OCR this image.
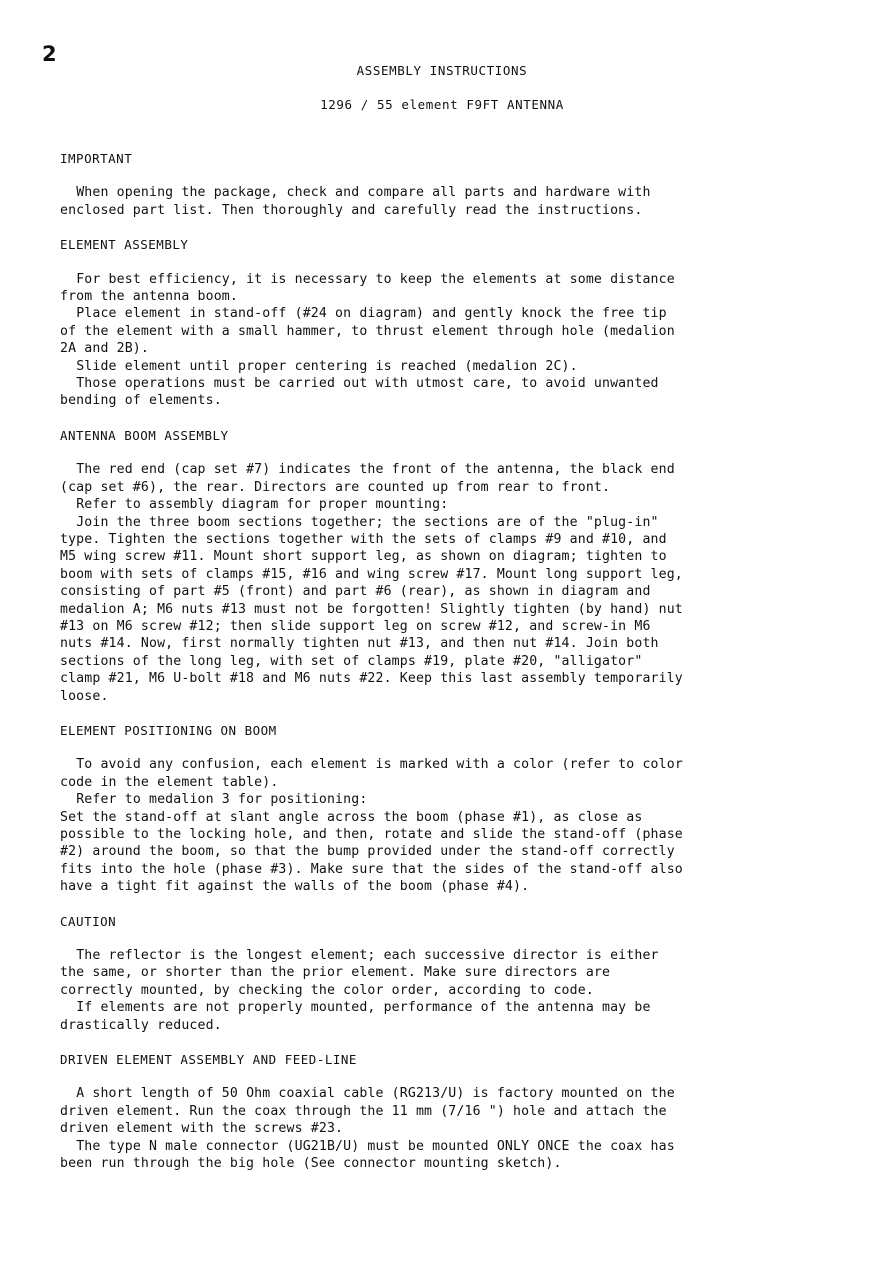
2
ASSEMBLY INSTRUCTIONS
1296 / 55 element F9FT ANTENNA
IMPORTANT

When opening the package, check and compare all parts and hardware with
enclosed part list. Then thoroughly and carefully read the instructions.

ELEMENT ASSEMBLY

For best efficiency, it is necessary to keep the elements at some distance
from the antenna boom.
Place element in stand-off (#24 on diagram) and gently knock the free tip
of the element with a small hammer, to thrust element through hole (medalion
2A and 2B).
Slide element until proper centering is reached (medalion 2C).
Those operations must be carried out with utmost care, to avoid unwanted
bending of elements.

ANTENNA BOOM ASSEMBLY

The red end (cap set #7) indicates the front of the antenna, the black end
(cap set #6), the rear. Directors are counted up from rear to front.
Refer to assembly diagram for proper mounting:
Join the three boom sections together; the sections are of the "plug-in"
type. Tighten the sections together with the sets of clamps #9 and #10, and
M5 wing screw #11. Mount short support leg, as shown on diagram; tighten to
boom with sets of clamps #15, #16 and wing screw #17. Mount long support leg,
consisting of part #5 (front) and part #6 (rear), as shown in diagram and
medalion A; M6 nuts #13 must not be forgotten! Slightly tighten (by hand) nut
#13 on M6 screw #12; then slide support leg on screw #12, and screw-in M6
nuts #14. Now, first normally tighten nut #13, and then nut #14. Join both
sections of the long leg, with set of clamps #19, plate #20, "alligator"
clamp #21, M6 U-bolt #18 and M6 nuts #22. Keep this last assembly temporarily
loose.

ELEMENT POSITIONING ON BOOM

To avoid any confusion, each element is marked with a color (refer to color
code in the element table).
Refer to medalion 3 for positioning:
Set the stand-off at slant angle across the boom (phase #1), as close as
possible to the locking hole, and then, rotate and slide the stand-off (phase
#2) around the boom, so that the bump provided under the stand-off correctly
fits into the hole (phase #3). Make sure that the sides of the stand-off also
have a tight fit against the walls of the boom (phase #4).

CAUTION

The reflector is the longest element; each successive director is either
the same, or shorter than the prior element. Make sure directors are
correctly mounted, by checking the color order, according to code.
If elements are not properly mounted, performance of the antenna may be
drastically reduced.

DRIVEN ELEMENT ASSEMBLY AND FEED-LINE

A short length of 50 Ohm coaxial cable (RG213/U) is factory mounted on the
driven element. Run the coax through the 11 mm (7/16 ") hole and attach the
driven element with the screws #23.
The type N male connector (UG21B/U) must be mounted ONLY ONCE the coax has
been run through the big hole (See connector mounting sketch).
